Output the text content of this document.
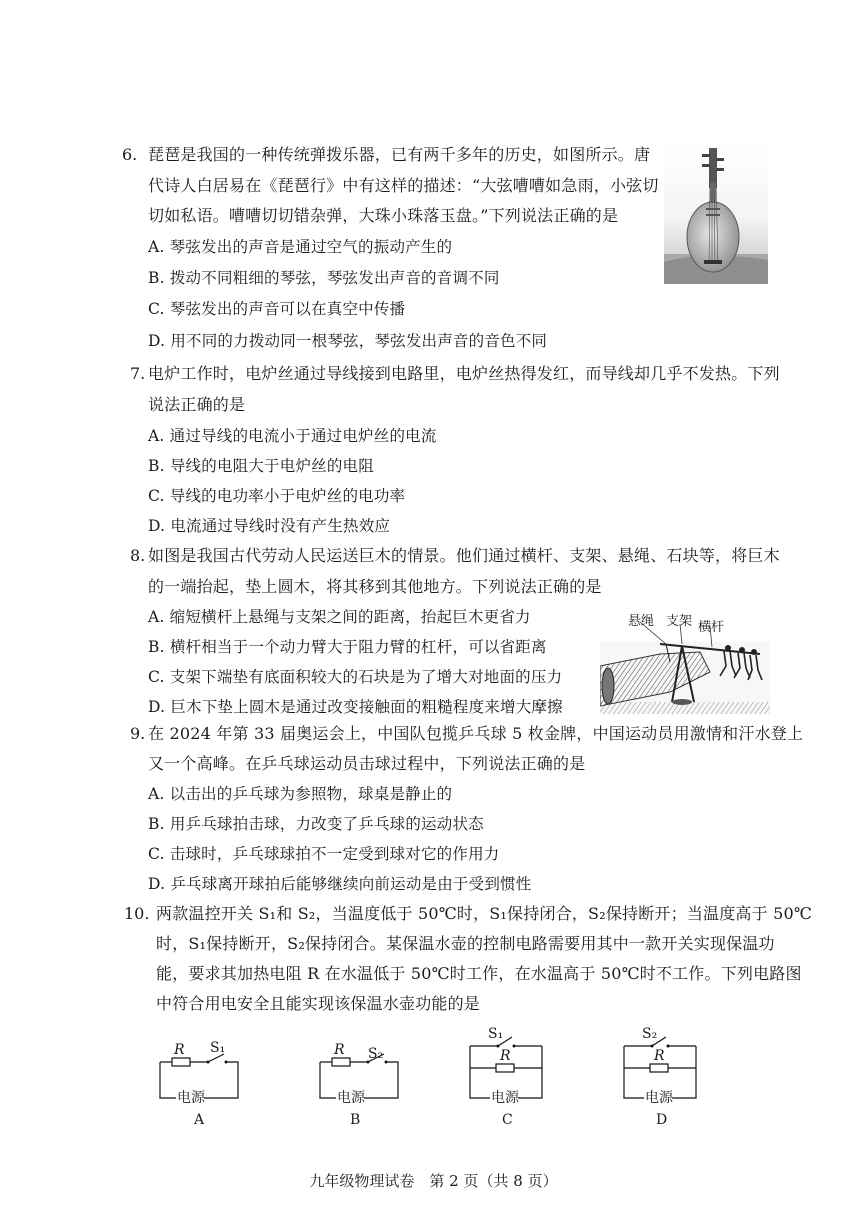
6. 琵琶是我国的一种传统弹拨乐器，已有两千多年的历史，如图所示。唐
代诗人白居易在《琵琶行》中有这样的描述：“大弦嘈嘈如急雨，小弦切
切如私语。嘈嘈切切错杂弹，大珠小珠落玉盘。”下列说法正确的是
A. 琴弦发出的声音是通过空气的振动产生的
B. 拨动不同粗细的琴弦，琴弦发出声音的音调不同
C. 琴弦发出的声音可以在真空中传播
D. 用不同的力拨动同一根琴弦，琴弦发出声音的音色不同
7. 电炉工作时，电炉丝通过导线接到电路里，电炉丝热得发红，而导线却几乎不发热。下列
说法正确的是
A. 通过导线的电流小于通过电炉丝的电流
B. 导线的电阻大于电炉丝的电阻
C. 导线的电功率小于电炉丝的电功率
D. 电流通过导线时没有产生热效应
8. 如图是我国古代劳动人民运送巨木的情景。他们通过横杆、支架、悬绳、石块等，将巨木
的一端抬起，垫上圆木，将其移到其他地方。下列说法正确的是
A. 缩短横杆上悬绳与支架之间的距离，抬起巨木更省力
B. 横杆相当于一个动力臂大于阻力臂的杠杆，可以省距离
C. 支架下端垫有底面积较大的石块是为了增大对地面的压力
D. 巨木下垫上圆木是通过改变接触面的粗糙程度来增大摩擦
悬绳 支架 横杆
9. 在 2024 年第 33 届奥运会上，中国队包揽乒乓球 5 枚金牌，中国运动员用激情和汗水登上
又一个高峰。在乒乓球运动员击球过程中，下列说法正确的是
A. 以击出的乒乓球为参照物，球桌是静止的
B. 用乒乓球拍击球，力改变了乒乓球的运动状态
C. 击球时，乒乓球球拍不一定受到球对它的作用力
D. 乒乓球离开球拍后能够继续向前运动是由于受到惯性
10. 两款温控开关 S₁和 S₂，当温度低于 50℃时，S₁保持闭合，S₂保持断开；当温度高于 50℃
时，S₁保持断开，S₂保持闭合。某保温水壶的控制电路需要用其中一款开关实现保温功
能，要求其加热电阻 R 在水温低于 50℃时工作，在水温高于 50℃时不工作。下列电路图
中符合用电安全且能实现该保温水壶功能的是
R S₁
电源
A
R S₂
电源
B
S₁
R
电源
C
S₂
R
电源
D
九年级物理试卷　第 2 页（共 8 页）
